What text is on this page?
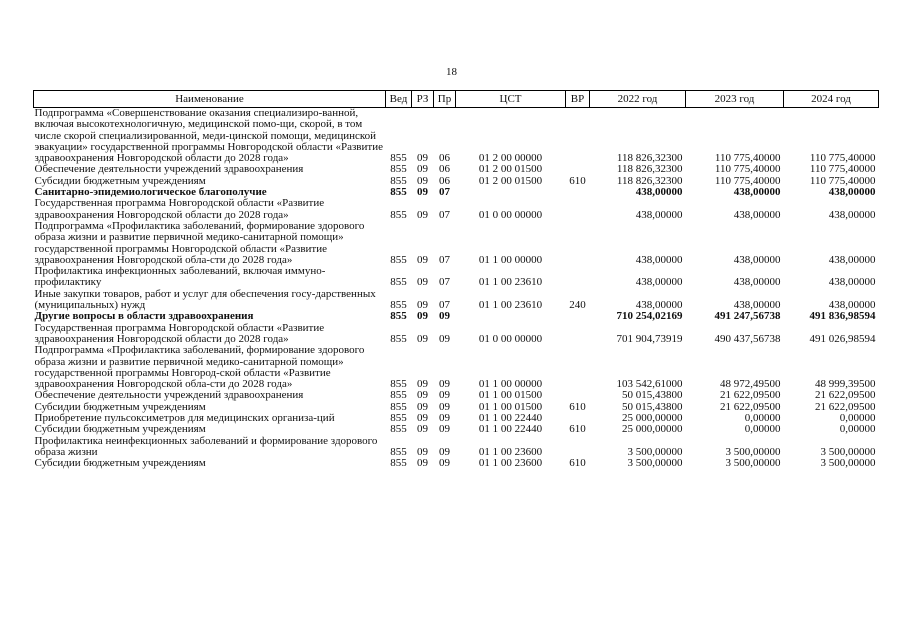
18
Наименование	Вед	РЗ	Пр	ЦСТ	ВР	2022 год	2023 год	2024 год
Подпрограмма «Совершенствование оказания специализиро-ванной, включая высокотехнологичную, медицинской помо-щи, скорой, в том числе скорой специализированной, меди-цинской помощи, медицинской эвакуации» государственной программы Новгородской области «Развитие здравоохранения Новгородской области до 2028 года»	855	09	06	01 2 00 00000		118 826,32300	110 775,40000	110 775,40000
Обеспечение деятельности учреждений здравоохранения	855	09	06	01 2 00 01500		118 826,32300	110 775,40000	110 775,40000
Субсидии бюджетным учреждениям	855	09	06	01 2 00 01500	610	118 826,32300	110 775,40000	110 775,40000
Санитарно-эпидемиологическое благополучие	855	09	07			438,00000	438,00000	438,00000
Государственная программа Новгородской области «Развитие здравоохранения Новгородской области до 2028 года»	855	09	07	01 0 00 00000		438,00000	438,00000	438,00000
Подпрограмма «Профилактика заболеваний, формирование здорового образа жизни и развитие первичной медико-санитарной помощи» государственной программы Новгородской области «Развитие здравоохранения Новгородской обла-сти до 2028 года»	855	09	07	01 1 00 00000		438,00000	438,00000	438,00000
Профилактика инфекционных заболеваний, включая иммуно-профилактику	855	09	07	01 1 00 23610		438,00000	438,00000	438,00000
Иные закупки товаров, работ и услуг для обеспечения госу-дарственных (муниципальных) нужд	855	09	07	01 1 00 23610	240	438,00000	438,00000	438,00000
Другие вопросы в области здравоохранения	855	09	09			710 254,02169	491 247,56738	491 836,98594
Государственная программа Новгородской области «Развитие здравоохранения Новгородской области до 2028 года»	855	09	09	01 0 00 00000		701 904,73919	490 437,56738	491 026,98594
Подпрограмма «Профилактика заболеваний, формирование здорового образа жизни и развитие первичной медико-санитарной помощи» государственной программы Новгород-ской области «Развитие здравоохранения Новгородской обла-сти до 2028 года»	855	09	09	01 1 00 00000		103 542,61000	48 972,49500	48 999,39500
Обеспечение деятельности учреждений здравоохранения	855	09	09	01 1 00 01500		50 015,43800	21 622,09500	21 622,09500
Субсидии бюджетным учреждениям	855	09	09	01 1 00 01500	610	50 015,43800	21 622,09500	21 622,09500
Приобретение пульсоксиметров для медицинских организа-ций	855	09	09	01 1 00 22440		25 000,00000	0,00000	0,00000
Субсидии бюджетным учреждениям	855	09	09	01 1 00 22440	610	25 000,00000	0,00000	0,00000
Профилактика неинфекционных заболеваний и формирование здорового образа жизни	855	09	09	01 1 00 23600		3 500,00000	3 500,00000	3 500,00000
Субсидии бюджетным учреждениям	855	09	09	01 1 00 23600	610	3 500,00000	3 500,00000	3 500,00000
